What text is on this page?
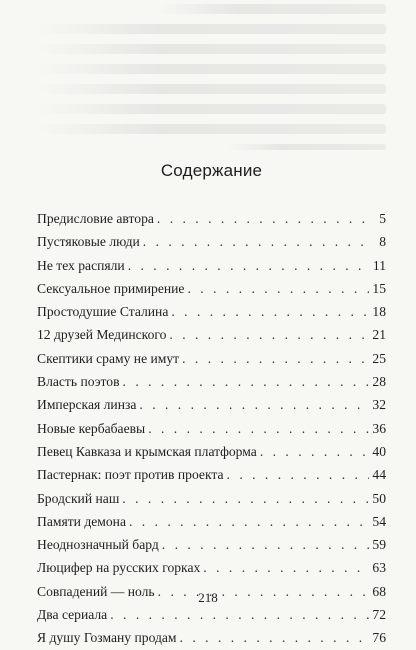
Содержание
Предисловие автора . . .	5
Пустяковые люди . . .	8
Не тех распяли . . .	11
Сексуальное примирение . . .	15
Простодушие Сталина . . .	18
12 друзей Мединского . . .	21
Скептики сраму не имут . . .	25
Власть поэтов . . .	28
Имперская линза . . .	32
Новые кербабаевы . . .	36
Певец Кавказа и крымская платформа . . .	40
Пастернак: поэт против проекта . . .	44
Бродский наш . . .	50
Памяти демона . . .	54
Неоднозначный бард . . .	59
Люцифер на русских горках . . .	63
Совпадений — ноль . . .	68
Два сериала . . .	72
Я душу Гозману продам . . .	76
218
